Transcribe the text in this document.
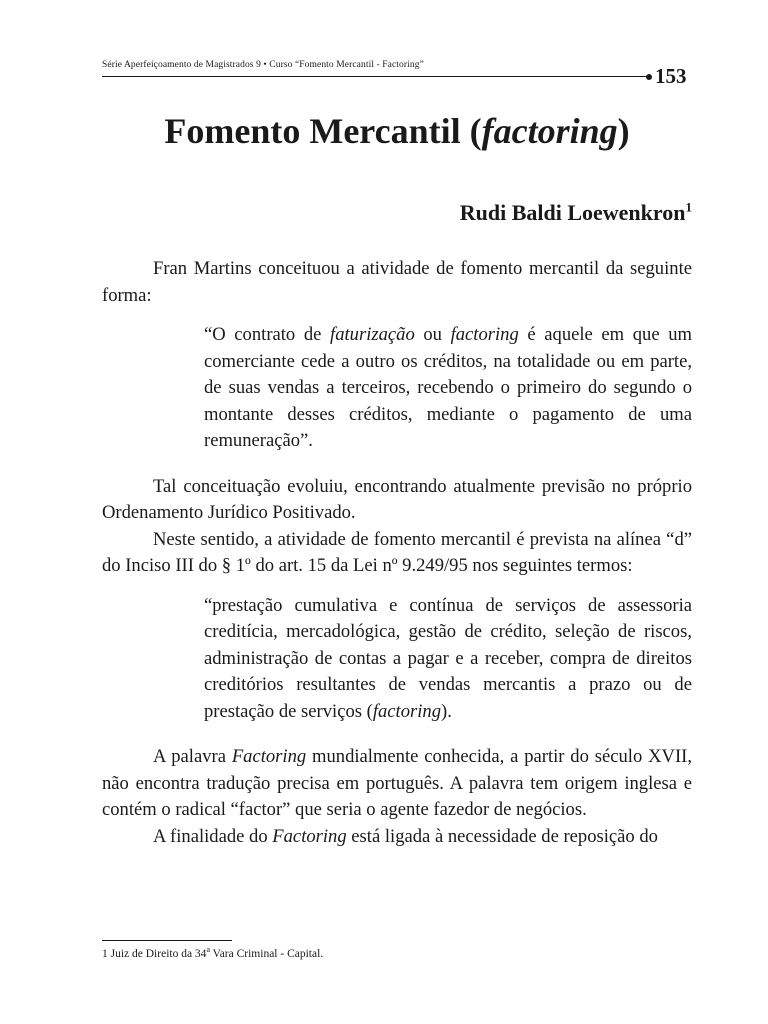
Série Aperfeiçoamento de Magistrados 9 • Curso “Fomento Mercantil - Factoring”	153
Fomento Mercantil (factoring)
Rudi Baldi Loewenkron$^1$

Fran Martins conceituou a atividade de fomento mercantil da seguinte forma:

“O contrato de faturização ou factoring é aquele em que um comerciante cede a outro os créditos, na totalidade ou em parte, de suas vendas a terceiros, recebendo o primeiro do segundo o montante desses créditos, mediante o pagamento de uma remuneração”.

Tal conceituação evoluiu, encontrando atualmente previsão no próprio Ordenamento Jurídico Positivado.

Neste sentido, a atividade de fomento mercantil é prevista na alínea “d” do Inciso III do § 1º do art. 15 da Lei nº 9.249/95 nos seguintes termos:

“prestação cumulativa e contínua de serviços de assessoria creditícia, mercadológica, gestão de crédito, seleção de riscos, administração de contas a pagar e a receber, compra de direitos creditórios resultantes de vendas mercantis a prazo ou de prestação de serviços (factoring).

A palavra Factoring mundialmente conhecida, a partir do século XVII, não encontra tradução precisa em português. A palavra tem origem inglesa e contém o radical “factor” que seria o agente fazedor de negócios.

A finalidade do Factoring está ligada à necessidade de reposição do

1 Juiz de Direito da 34$^a$ Vara Criminal - Capital.
